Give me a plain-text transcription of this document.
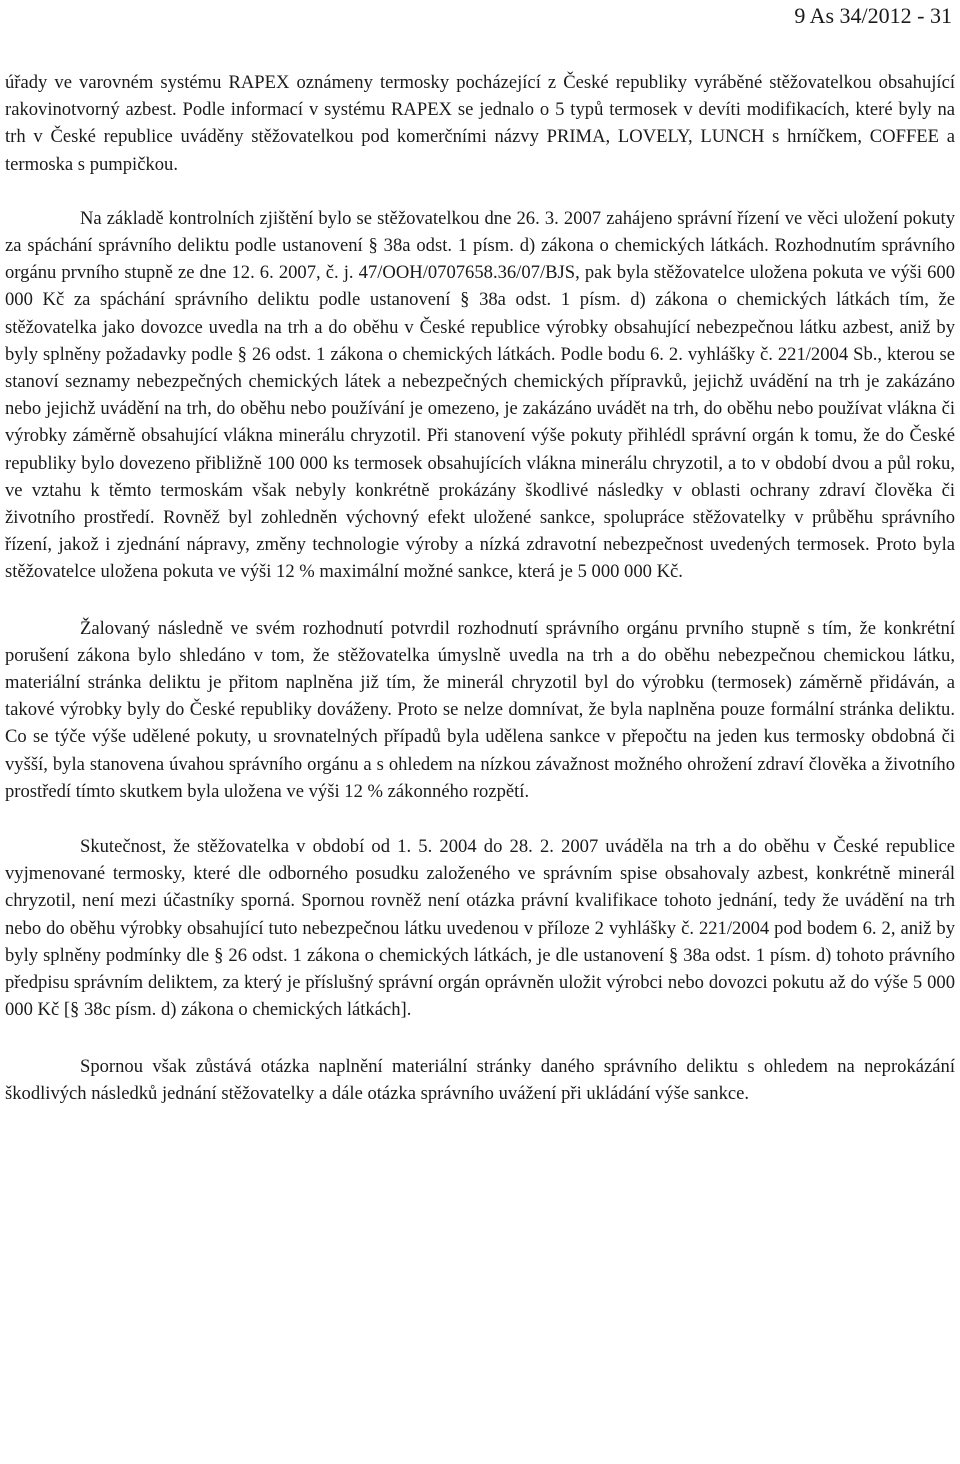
9 As 34/2012 - 31

úřady ve varovném systému RAPEX oznámeny termosky pocházející z České republiky vyráběné stěžovatelkou obsahující rakovinotvorný azbest. Podle informací v systému RAPEX se jednalo o 5 typů termosek v devíti modifikacích, které byly na trh v České republice uváděny stěžovatelkou pod komerčními názvy PRIMA, LOVELY, LUNCH s hrníčkem, COFFEE a termoska s pumpičkou.

Na základě kontrolních zjištění bylo se stěžovatelkou dne 26. 3. 2007 zahájeno správní řízení ve věci uložení pokuty za spáchání správního deliktu podle ustanovení § 38a odst. 1 písm. d) zákona o chemických látkách. Rozhodnutím správního orgánu prvního stupně ze dne 12. 6. 2007, č. j. 47/OOH/0707658.36/07/BJS, pak byla stěžovatelce uložena pokuta ve výši 600 000 Kč za spáchání správního deliktu podle ustanovení § 38a odst. 1 písm. d) zákona o chemických látkách tím, že stěžovatelka jako dovozce uvedla na trh a do oběhu v České republice výrobky obsahující nebezpečnou látku azbest, aniž by byly splněny požadavky podle § 26 odst. 1 zákona o chemických látkách. Podle bodu 6. 2. vyhlášky č. 221/2004 Sb., kterou se stanoví seznamy nebezpečných chemických látek a nebezpečných chemických přípravků, jejichž uvádění na trh je zakázáno nebo jejichž uvádění na trh, do oběhu nebo používání je omezeno, je zakázáno uvádět na trh, do oběhu nebo používat vlákna či výrobky záměrně obsahující vlákna minerálu chryzotil. Při stanovení výše pokuty přihlédl správní orgán k tomu, že do České republiky bylo dovezeno přibližně 100 000 ks termosek obsahujících vlákna minerálu chryzotil, a to v období dvou a půl roku, ve vztahu k těmto termoskám však nebyly konkrétně prokázány škodlivé následky v oblasti ochrany zdraví člověka či životního prostředí. Rovněž byl zohledněn výchovný efekt uložené sankce, spolupráce stěžovatelky v průběhu správního řízení, jakož i zjednání nápravy, změny technologie výroby a nízká zdravotní nebezpečnost uvedených termosek. Proto byla stěžovatelce uložena pokuta ve výši 12 % maximální možné sankce, která je 5 000 000 Kč.

Žalovaný následně ve svém rozhodnutí potvrdil rozhodnutí správního orgánu prvního stupně s tím, že konkrétní porušení zákona bylo shledáno v tom, že stěžovatelka úmyslně uvedla na trh a do oběhu nebezpečnou chemickou látku, materiální stránka deliktu je přitom naplněna již tím, že minerál chryzotil byl do výrobku (termosek) záměrně přidáván, a takové výrobky byly do České republiky dováženy. Proto se nelze domnívat, že byla naplněna pouze formální stránka deliktu. Co se týče výše udělené pokuty, u srovnatelných případů byla udělena sankce v přepočtu na jeden kus termosky obdobná či vyšší, byla stanovena úvahou správního orgánu a s ohledem na nízkou závažnost možného ohrožení zdraví člověka a životního prostředí tímto skutkem byla uložena ve výši 12 % zákonného rozpětí.

Skutečnost, že stěžovatelka v období od 1. 5. 2004 do 28. 2. 2007 uváděla na trh a do oběhu v České republice vyjmenované termosky, které dle odborného posudku založeného ve správním spise obsahovaly azbest, konkrétně minerál chryzotil, není mezi účastníky sporná. Spornou rovněž není otázka právní kvalifikace tohoto jednání, tedy že uvádění na trh nebo do oběhu výrobky obsahující tuto nebezpečnou látku uvedenou v příloze 2 vyhlášky č. 221/2004 pod bodem 6. 2, aniž by byly splněny podmínky dle § 26 odst. 1 zákona o chemických látkách, je dle ustanovení § 38a odst. 1 písm. d) tohoto právního předpisu správním deliktem, za který je příslušný správní orgán oprávněn uložit výrobci nebo dovozci pokutu až do výše 5 000 000 Kč [§ 38c písm. d) zákona o chemických látkách].

Spornou však zůstává otázka naplnění materiální stránky daného správního deliktu s ohledem na neprokázání škodlivých následků jednání stěžovatelky a dále otázka správního uvážení při ukládání výše sankce.
